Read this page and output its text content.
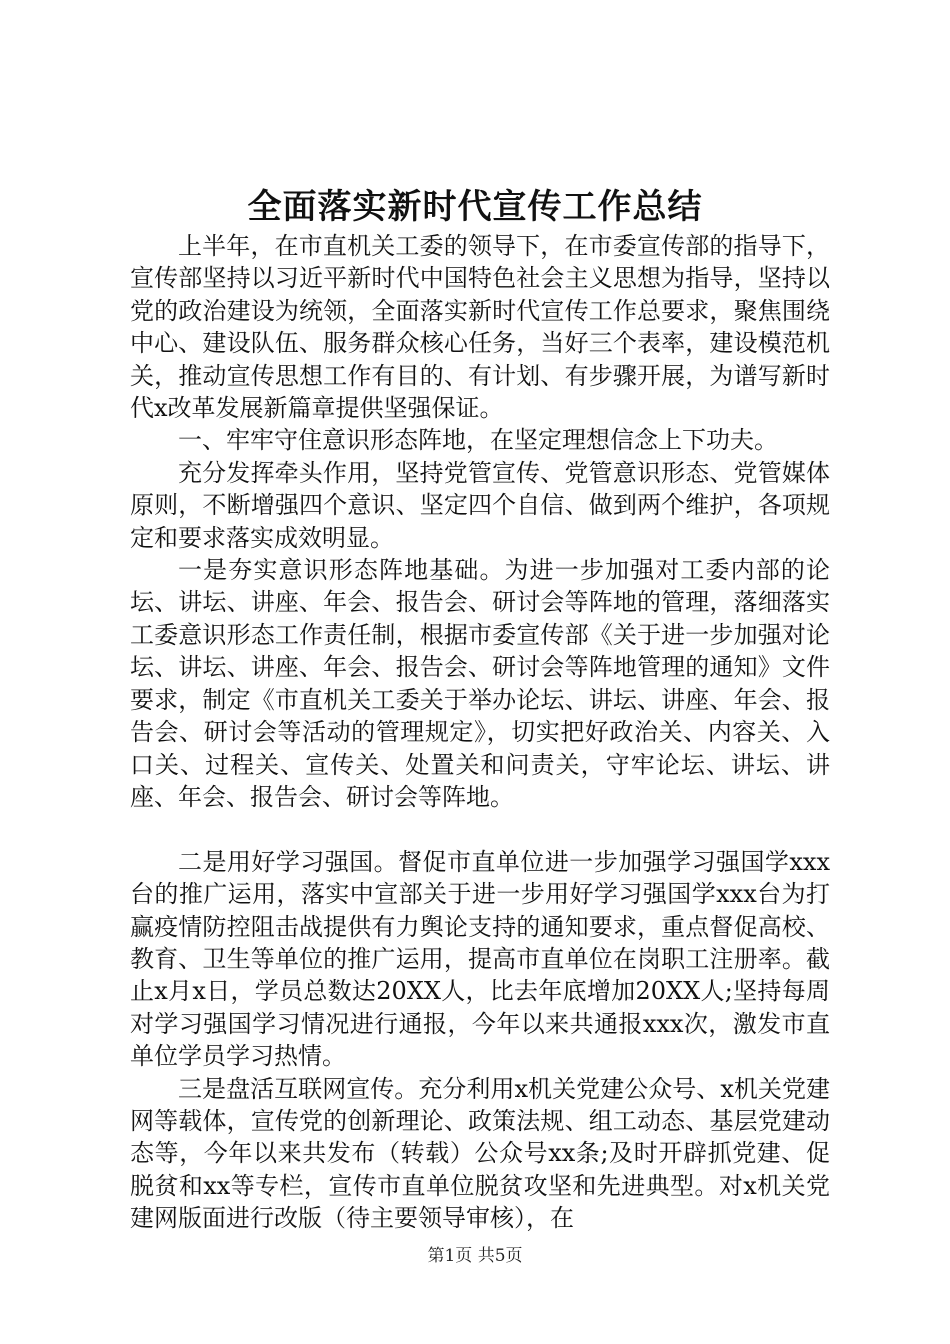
全面落实新时代宣传工作总结

上半年，在市直机关工委的领导下，在市委宣传部的指导下，宣传部坚持以习近平新时代中国特色社会主义思想为指导，坚持以党的政治建设为统领，全面落实新时代宣传工作总要求，聚焦围绕中心、建设队伍、服务群众核心任务，当好三个表率，建设模范机关，推动宣传思想工作有目的、有计划、有步骤开展，为谱写新时代x改革发展新篇章提供坚强保证。

一、牢牢守住意识形态阵地，在坚定理想信念上下功夫。

充分发挥牵头作用，坚持党管宣传、党管意识形态、党管媒体原则，不断增强四个意识、坚定四个自信、做到两个维护，各项规定和要求落实成效明显。

一是夯实意识形态阵地基础。为进一步加强对工委内部的论坛、讲坛、讲座、年会、报告会、研讨会等阵地的管理，落细落实工委意识形态工作责任制，根据市委宣传部《关于进一步加强对论坛、讲坛、讲座、年会、报告会、研讨会等阵地管理的通知》文件要求，制定《市直机关工委关于举办论坛、讲坛、讲座、年会、报告会、研讨会等活动的管理规定》，切实把好政治关、内容关、入口关、过程关、宣传关、处置关和问责关，守牢论坛、讲坛、讲座、年会、报告会、研讨会等阵地。

二是用好学习强国。督促市直单位进一步加强学习强国学xxx台的推广运用，落实中宣部关于进一步用好学习强国学xxx台为打赢疫情防控阻击战提供有力舆论支持的通知要求，重点督促高校、教育、卫生等单位的推广运用，提高市直单位在岗职工注册率。截止x月x日，学员总数达20XX人，比去年底增加20XX人;坚持每周对学习强国学习情况进行通报，今年以来共通报xxx次，激发市直单位学员学习热情。

三是盘活互联网宣传。充分利用x机关党建公众号、x机关党建网等载体，宣传党的创新理论、政策法规、组工动态、基层党建动态等，今年以来共发布（转载）公众号xx条;及时开辟抓党建、促脱贫和xx等专栏，宣传市直单位脱贫攻坚和先进典型。对x机关党建网版面进行改版（待主要领导审核），在

第1页 共5页
